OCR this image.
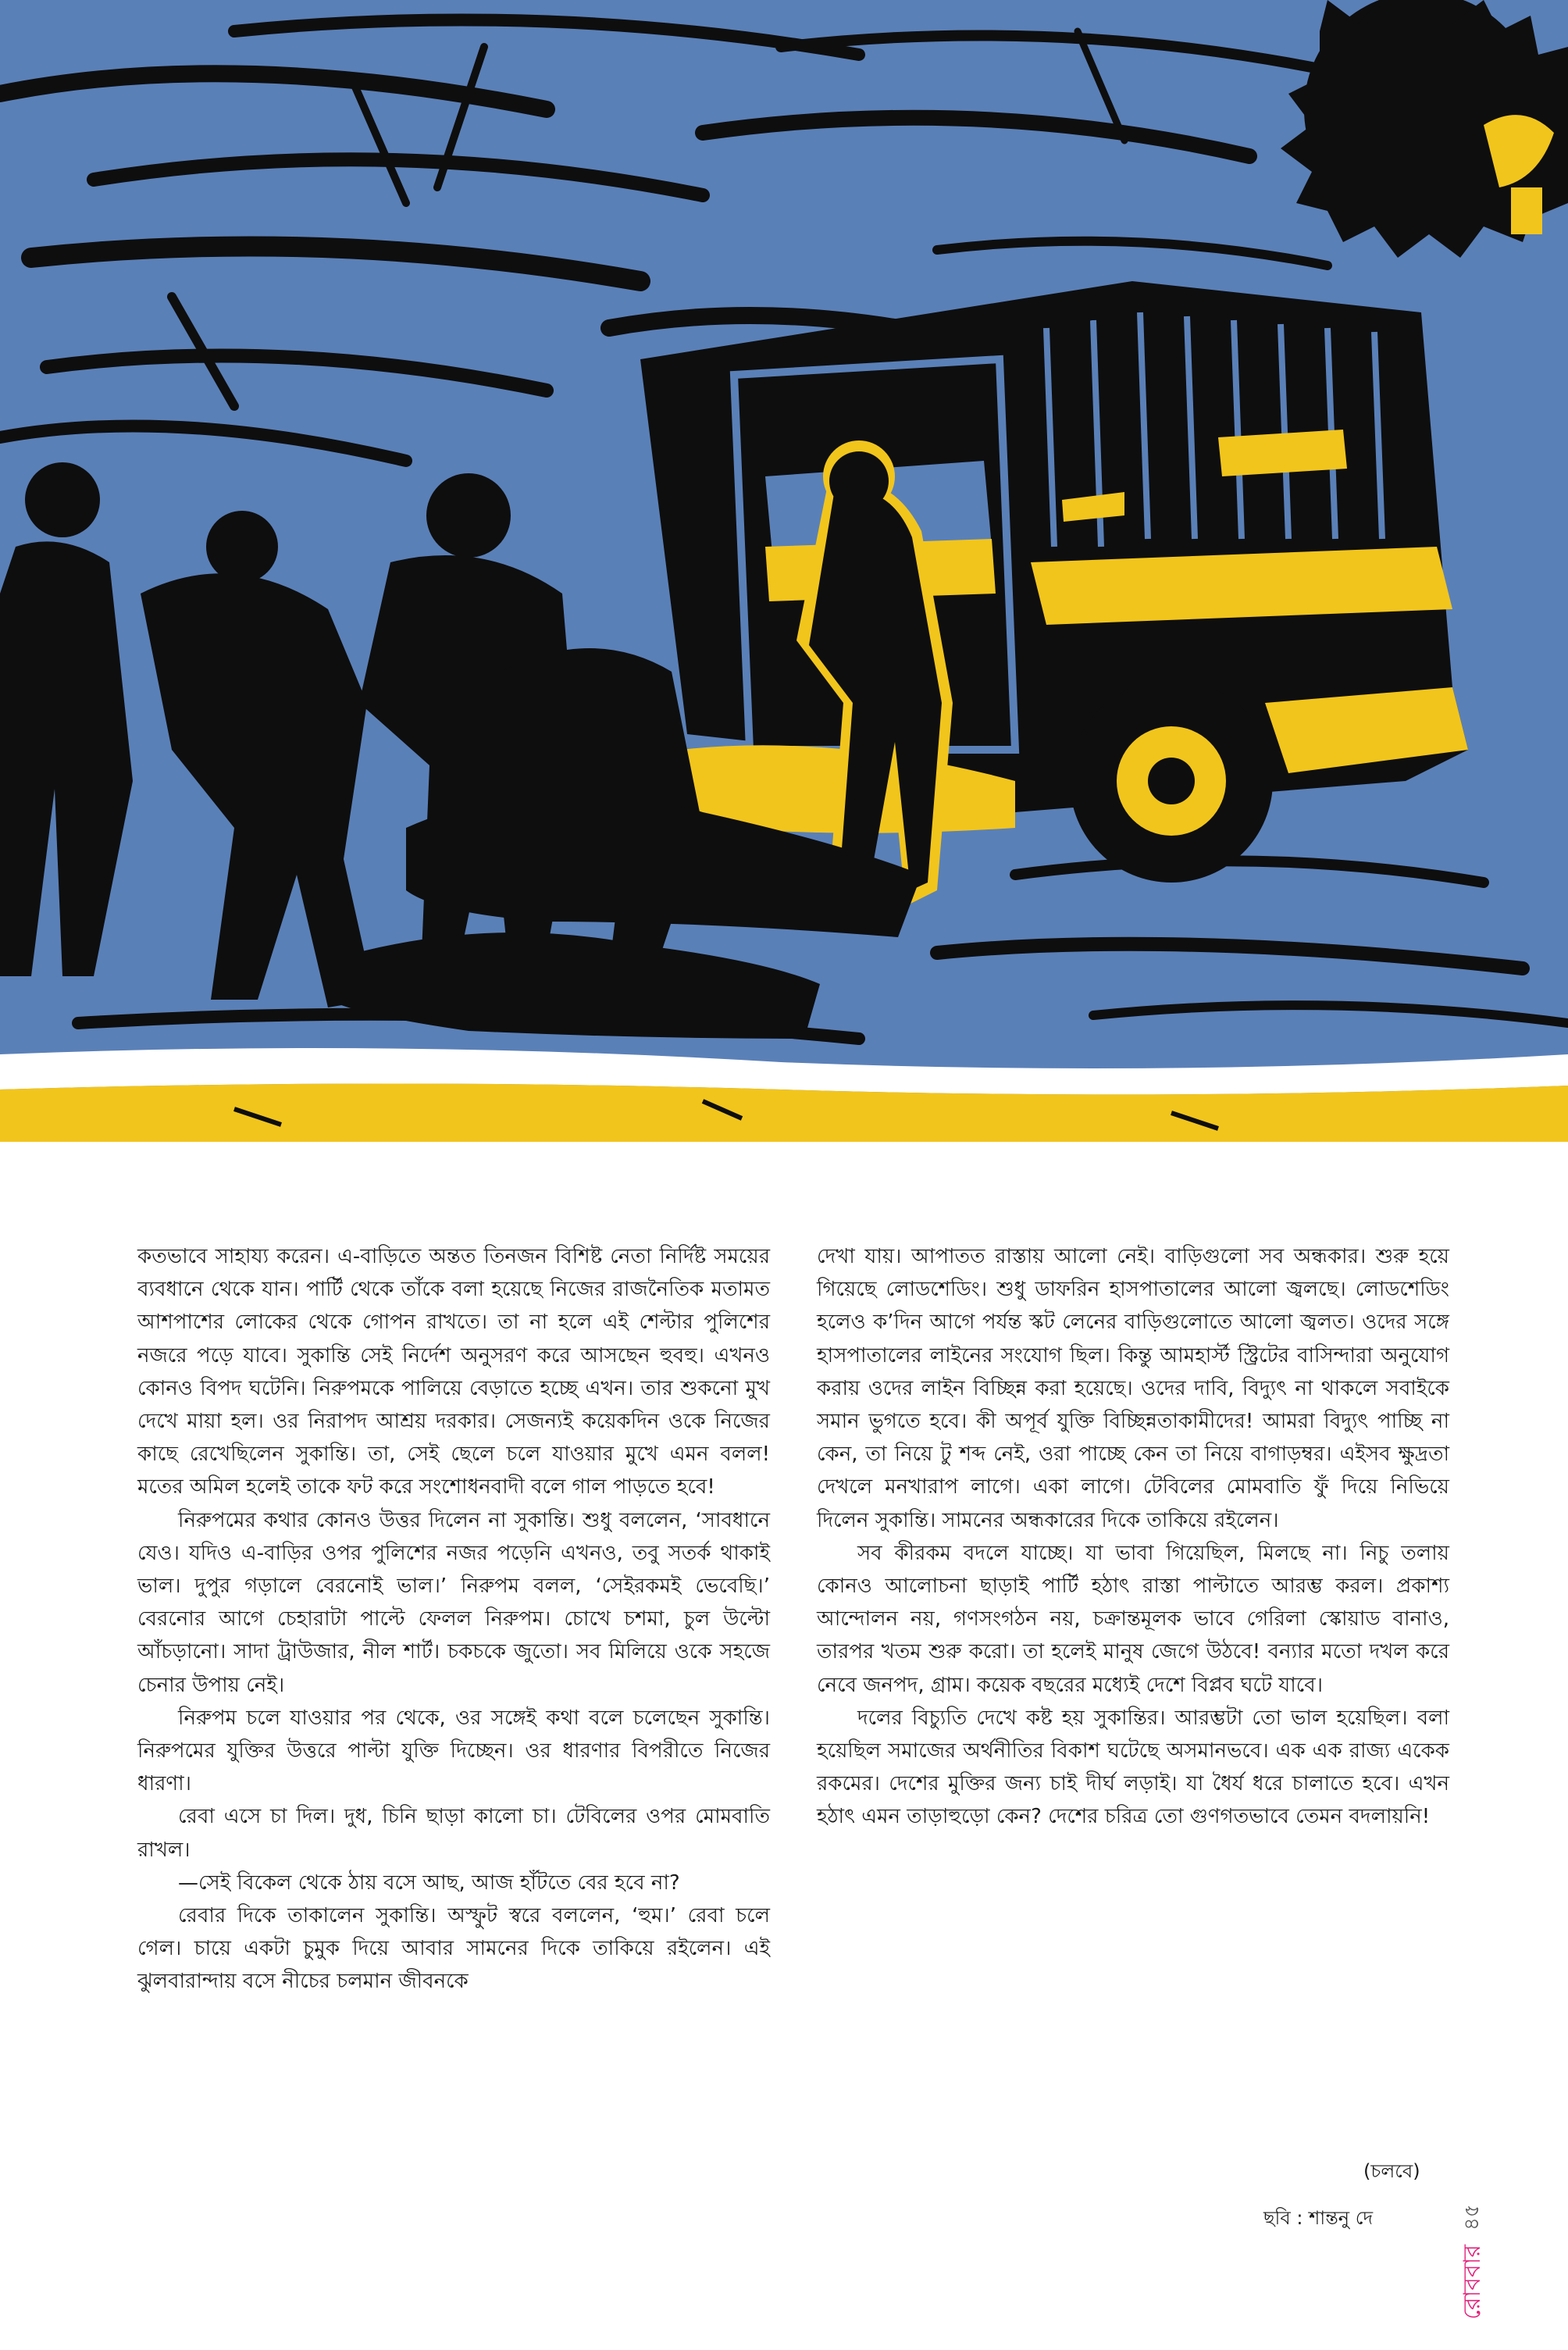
কতভাবে সাহায্য করেন। এ-বাড়িতে অন্তত তিনজন বিশিষ্ট নেতা নির্দিষ্ট সময়ের ব্যবধানে থেকে যান। পার্টি থেকে তাঁকে বলা হয়েছে নিজের রাজনৈতিক মতামত আশপাশের লোকের থেকে গোপন রাখতে। তা না হলে এই শেল্টার পুলিশের নজরে পড়ে যাবে। সুকান্তি সেই নির্দেশ অনুসরণ করে আসছেন হুবহু। এখনও কোনও বিপদ ঘটেনি। নিরুপমকে পালিয়ে বেড়াতে হচ্ছে এখন। তার শুকনো মুখ দেখে মায়া হল। ওর নিরাপদ আশ্রয় দরকার। সেজন্যই কয়েকদিন ওকে নিজের কাছে রেখেছিলেন সুকান্তি। তা, সেই ছেলে চলে যাওয়ার মুখে এমন বলল! মতের অমিল হলেই তাকে ফট করে সংশোধনবাদী বলে গাল পাড়তে হবে!

নিরুপমের কথার কোনও উত্তর দিলেন না সুকান্তি। শুধু বললেন, ‘সাবধানে যেও। যদিও এ-বাড়ির ওপর পুলিশের নজর পড়েনি এখনও, তবু সতর্ক থাকাই ভাল। দুপুর গড়ালে বেরনোই ভাল।’ নিরুপম বলল, ‘সেইরকমই ভেবেছি।’ বেরনোর আগে চেহারাটা পাল্টে ফেলল নিরুপম। চোখে চশমা, চুল উল্টো আঁচড়ানো। সাদা ট্রাউজার, নীল শার্ট। চকচকে জুতো। সব মিলিয়ে ওকে সহজে চেনার উপায় নেই।

নিরুপম চলে যাওয়ার পর থেকে, ওর সঙ্গেই কথা বলে চলেছেন সুকান্তি। নিরুপমের যুক্তির উত্তরে পাল্টা যুক্তি দিচ্ছেন। ওর ধারণার বিপরীতে নিজের ধারণা।

রেবা এসে চা দিল। দুধ, চিনি ছাড়া কালো চা। টেবিলের ওপর মোমবাতি রাখল।

—সেই বিকেল থেকে ঠায় বসে আছ, আজ হাঁটতে বের হবে না?

রেবার দিকে তাকালেন সুকান্তি। অস্ফুট স্বরে বললেন, ‘হুম।’ রেবা চলে গেল। চায়ে একটা চুমুক দিয়ে আবার সামনের দিকে তাকিয়ে রইলেন। এই ঝুলবারান্দায় বসে নীচের চলমান জীবনকে

দেখা যায়। আপাতত রাস্তায় আলো নেই। বাড়িগুলো সব অন্ধকার। শুরু হয়ে গিয়েছে লোডশেডিং। শুধু ডাফরিন হাসপাতালের আলো জ্বলছে। লোডশেডিং হলেও ক’দিন আগে পর্যন্ত স্কট লেনের বাড়িগুলোতে আলো জ্বলত। ওদের সঙ্গে হাসপাতালের লাইনের সংযোগ ছিল। কিন্তু আমহার্স্ট স্ট্রিটের বাসিন্দারা অনুযোগ করায় ওদের লাইন বিচ্ছিন্ন করা হয়েছে। ওদের দাবি, বিদ্যুৎ না থাকলে সবাইকে সমান ভুগতে হবে। কী অপূর্ব যুক্তি বিচ্ছিন্নতাকামীদের! আমরা বিদ্যুৎ পাচ্ছি না কেন, তা নিয়ে টু শব্দ নেই, ওরা পাচ্ছে কেন তা নিয়ে বাগাড়ম্বর। এইসব ক্ষুদ্রতা দেখলে মনখারাপ লাগে। একা লাগে। টেবিলের মোমবাতি ফুঁ দিয়ে নিভিয়ে দিলেন সুকান্তি। সামনের অন্ধকারের দিকে তাকিয়ে রইলেন।

সব কীরকম বদলে যাচ্ছে। যা ভাবা গিয়েছিল, মিলছে না। নিচু তলায় কোনও আলোচনা ছাড়াই পার্টি হঠাৎ রাস্তা পাল্টাতে আরম্ভ করল। প্রকাশ্য আন্দোলন নয়, গণসংগঠন নয়, চক্রান্তমূলক ভাবে গেরিলা স্কোয়াড বানাও, তারপর খতম শুরু করো। তা হলেই মানুষ জেগে উঠবে! বন্যার মতো দখল করে নেবে জনপদ, গ্রাম। কয়েক বছরের মধ্যেই দেশে বিপ্লব ঘটে যাবে।

দলের বিচ্যুতি দেখে কষ্ট হয় সুকান্তির। আরম্ভটা তো ভাল হয়েছিল। বলা হয়েছিল সমাজের অর্থনীতির বিকাশ ঘটেছে অসমানভবে। এক এক রাজ্য একেক রকমের। দেশের মুক্তির জন্য চাই দীর্ঘ লড়াই। যা ধৈর্য ধরে চালাতে হবে। এখন হঠাৎ এমন তাড়াহুড়ো কেন? দেশের চরিত্র তো গুণগতভাবে তেমন বদলায়নি!

(চলবে)
ছবি : শান্তনু দে
রোববার
৪৫
